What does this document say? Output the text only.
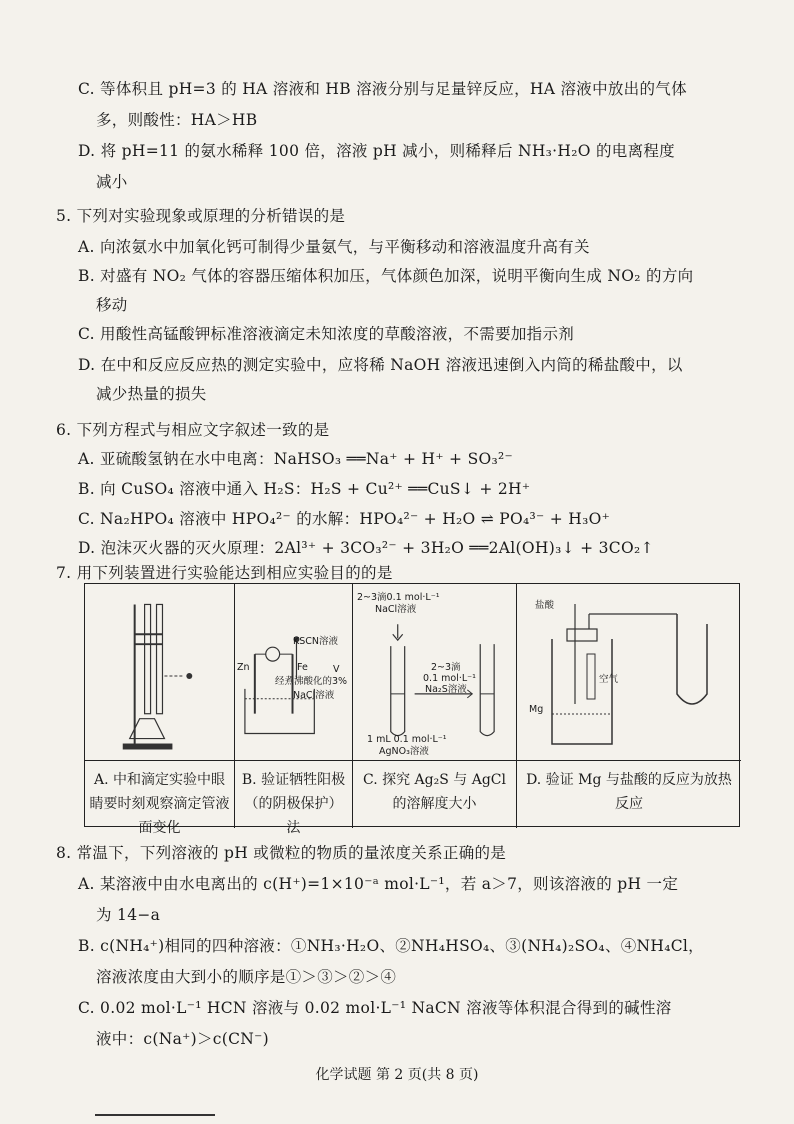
C. 等体积且 pH=3 的 HA 溶液和 HB 溶液分别与足量锌反应，HA 溶液中放出的气体
多，则酸性：HA＞HB
D. 将 pH=11 的氨水稀释 100 倍，溶液 pH 减小，则稀释后 NH₃·H₂O 的电离程度
减小
5. 下列对实验现象或原理的分析错误的是
A. 向浓氨水中加氧化钙可制得少量氨气，与平衡移动和溶液温度升高有关
B. 对盛有 NO₂ 气体的容器压缩体积加压，气体颜色加深，说明平衡向生成 NO₂ 的方向
移动
C. 用酸性高锰酸钾标准溶液滴定未知浓度的草酸溶液，不需要加指示剂
D. 在中和反应反应热的测定实验中，应将稀 NaOH 溶液迅速倒入内筒的稀盐酸中，以
减少热量的损失
6. 下列方程式与相应文字叙述一致的是
A. 亚硫酸氢钠在水中电离：NaHSO₃ ══Na⁺ + H⁺ + SO₃²⁻
B. 向 CuSO₄ 溶液中通入 H₂S：H₂S + Cu²⁺ ══CuS↓ + 2H⁺
C. Na₂HPO₄ 溶液中 HPO₄²⁻ 的水解：HPO₄²⁻ + H₂O ⇌ PO₄³⁻ + H₃O⁺
D. 泡沫灭火器的灭火原理：2Al³⁺ + 3CO₃²⁻ + 3H₂O ══2Al(OH)₃↓ + 3CO₂↑
7. 用下列装置进行实验能达到相应实验目的的是
8. 常温下，下列溶液的 pH 或微粒的物质的量浓度关系正确的是
A. 某溶液中由水电离出的 c(H⁺)=1×10⁻ᵃ mol·L⁻¹，若 a＞7，则该溶液的 pH 一定
为 14−a
B. c(NH₄⁺)相同的四种溶液：①NH₃·H₂O、②NH₄HSO₄、③(NH₄)₂SO₄、④NH₄Cl，
溶液浓度由大到小的顺序是①＞③＞②＞④
C. 0.02 mol·L⁻¹ HCN 溶液与 0.02 mol·L⁻¹ NaCN 溶液等体积混合得到的碱性溶
液中：c(Na⁺)＞c(CN⁻)
A. 中和滴定实验中眼睛要时刻观察滴定管液面变化
V
Zn	Fe
KSCN溶液
经煮沸酸化的3%
NaCl溶液
B. 验证牺牲阳极（的阴极保护）法
2~3滴0.1 mol·L⁻¹
NaCl溶液
2~3滴
0.1 mol·L⁻¹
Na₂S溶液
1 mL 0.1 mol·L⁻¹
AgNO₃溶液
C. 探究 Ag₂S 与 AgCl 的溶解度大小
盐酸
Mg
空气
D. 验证 Mg 与盐酸的反应为放热反应
化学试题 第 2 页(共 8 页)
